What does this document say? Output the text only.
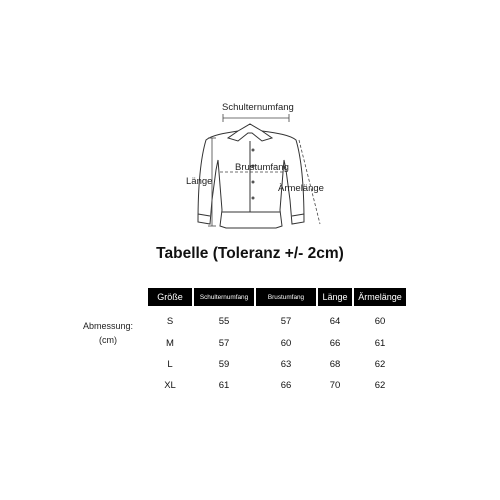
Schulternumfang
Brustumfang
Länge
Ärmelänge
Tabelle (Toleranz +/- 2cm)
Abmessung:
(cm)
Größe	Schulternumfang	Brustumfang	Länge	Ärmelänge
S	55	57	64	60
M	57	60	66	61
L	59	63	68	62
XL	61	66	70	62
